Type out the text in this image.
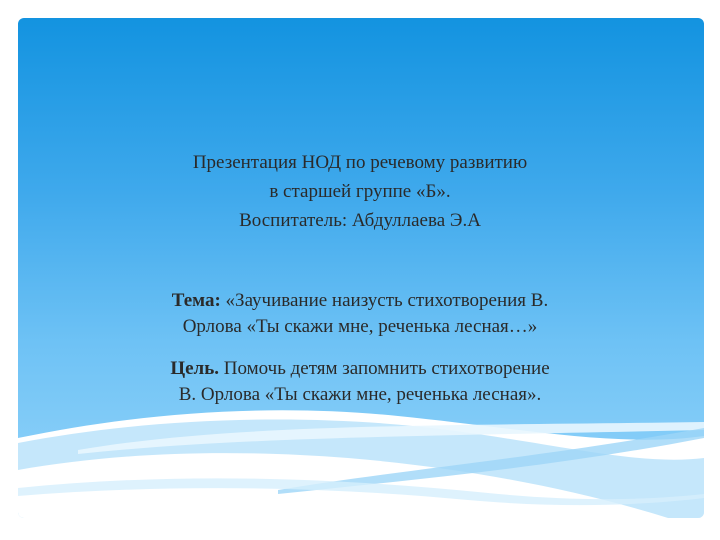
Презентация НОД по речевому развитию
в старшей группе «Б».
Воспитатель: Абдуллаева Э.А
Тема: «Заучивание наизусть стихотворения В.
Орлова «Ты скажи мне, реченька лесная…»
Цель. Помочь детям запомнить стихотворение
В. Орлова «Ты скажи мне, реченька лесная».
